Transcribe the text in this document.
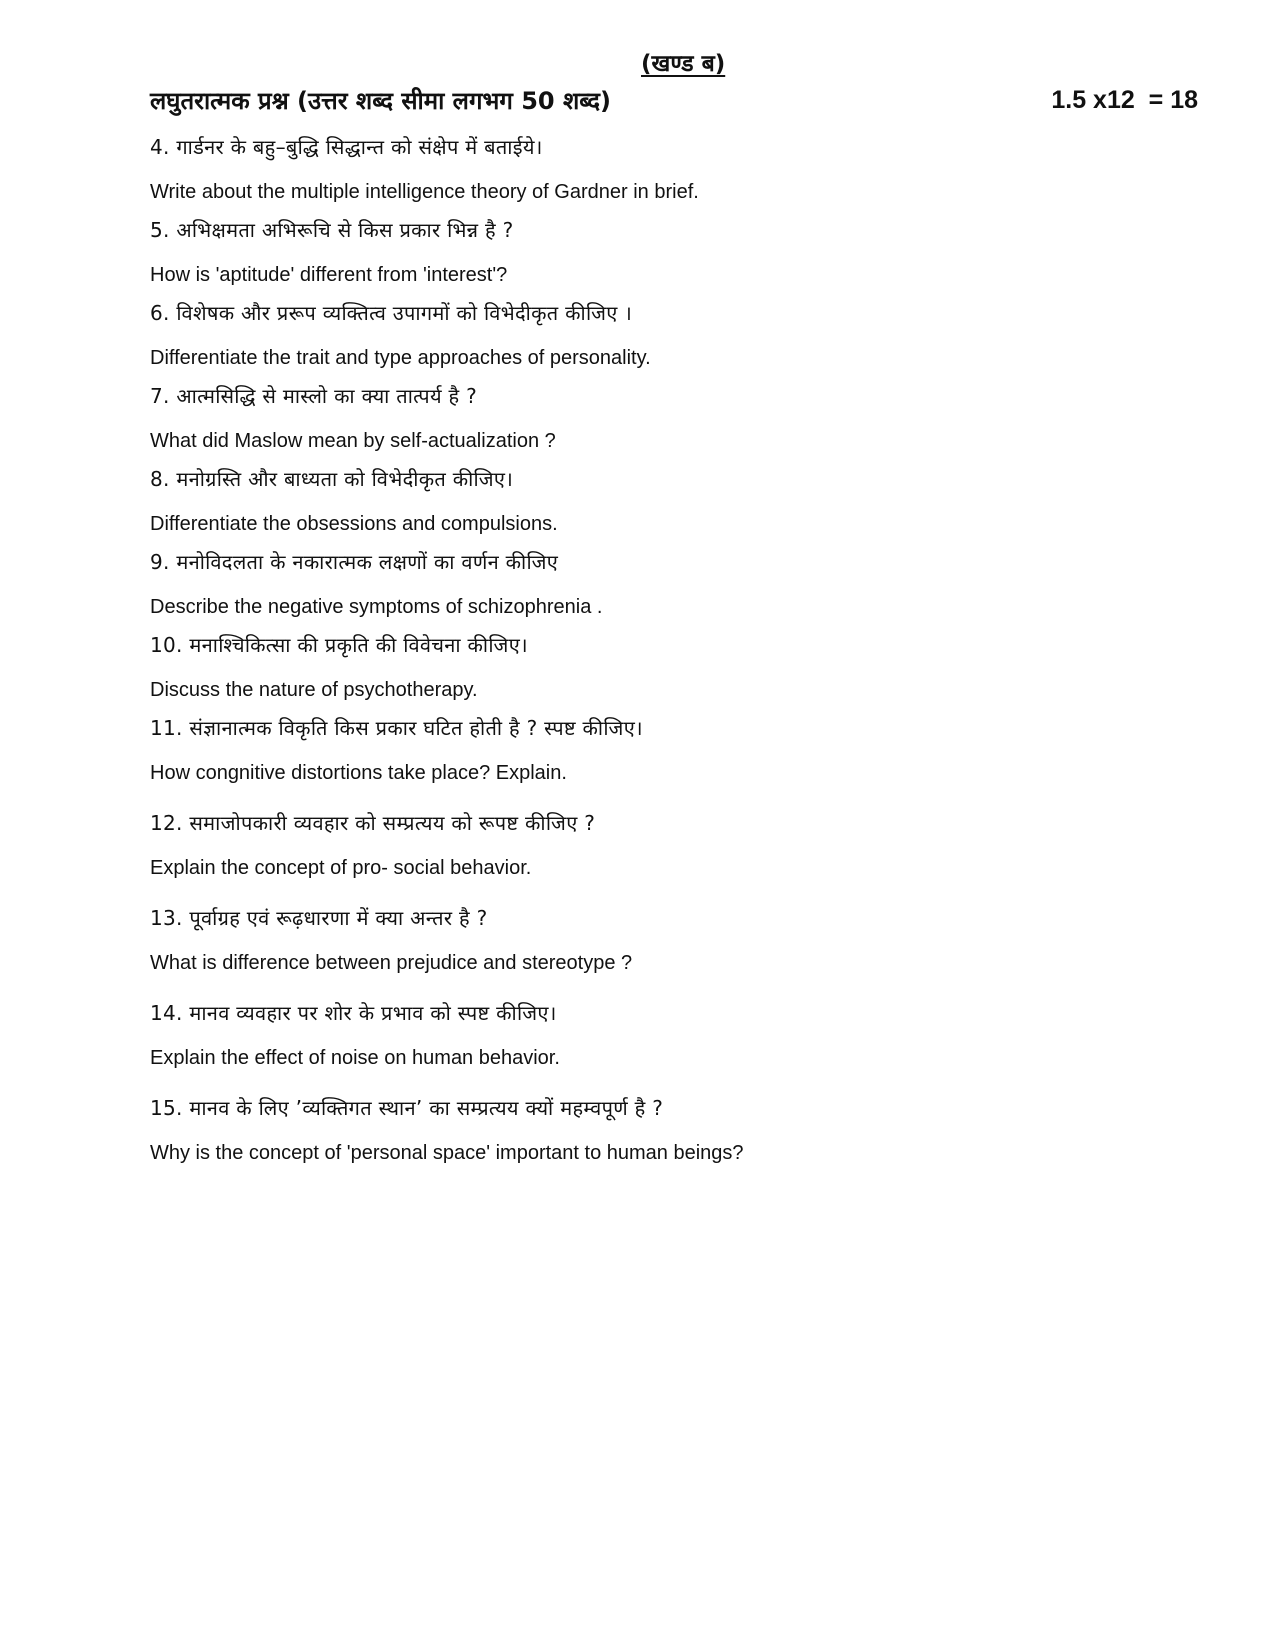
(खण्ड ब)
लघुतरात्मक प्रश्न (उत्तर शब्द सीमा लगभग 50 शब्द)	1.5 x12  = 18
4. गार्डनर के बहु–बुद्धि सिद्धान्त को संक्षेप में बताईये।
Write about the multiple intelligence theory of Gardner in brief.
5. अभिक्षमता अभिरूचि से किस प्रकार भिन्न है ?
How is 'aptitude' different from 'interest'?
6. विशेषक और प्ररूप व्यक्तित्व उपागमों को विभेदीकृत कीजिए ।
Differentiate the trait and type approaches of personality.
7. आत्मसिद्धि से मास्लो का क्या तात्पर्य है ?
What did Maslow mean by self-actualization ?
8. मनोग्रस्ति और बाध्यता को विभेदीकृत कीजिए।
Differentiate the obsessions and compulsions.
9. मनोविदलता के नकारात्मक लक्षणों का वर्णन कीजिए
Describe the negative symptoms of schizophrenia .
10. मनाश्चिकित्सा की प्रकृति की विवेचना कीजिए।
Discuss the nature of psychotherapy.
11. संज्ञानात्मक विकृति किस प्रकार घटित होती है ? स्पष्ट कीजिए।
How congnitive distortions take place? Explain.
12. समाजोपकारी व्यवहार को सम्प्रत्यय को रूपष्ट कीजिए ?
Explain the concept of pro- social behavior.
13. पूर्वाग्रह एवं रूढ़धारणा में क्या अन्तर है ?
What is difference between prejudice and stereotype ?
14. मानव व्यवहार पर शोर के प्रभाव को स्पष्ट कीजिए।
Explain the effect of noise on human behavior.
15. मानव के लिए ’व्यक्तिगत स्थान’ का सम्प्रत्यय क्यों महम्वपूर्ण है ?
Why is the concept of 'personal space' important to human beings?
